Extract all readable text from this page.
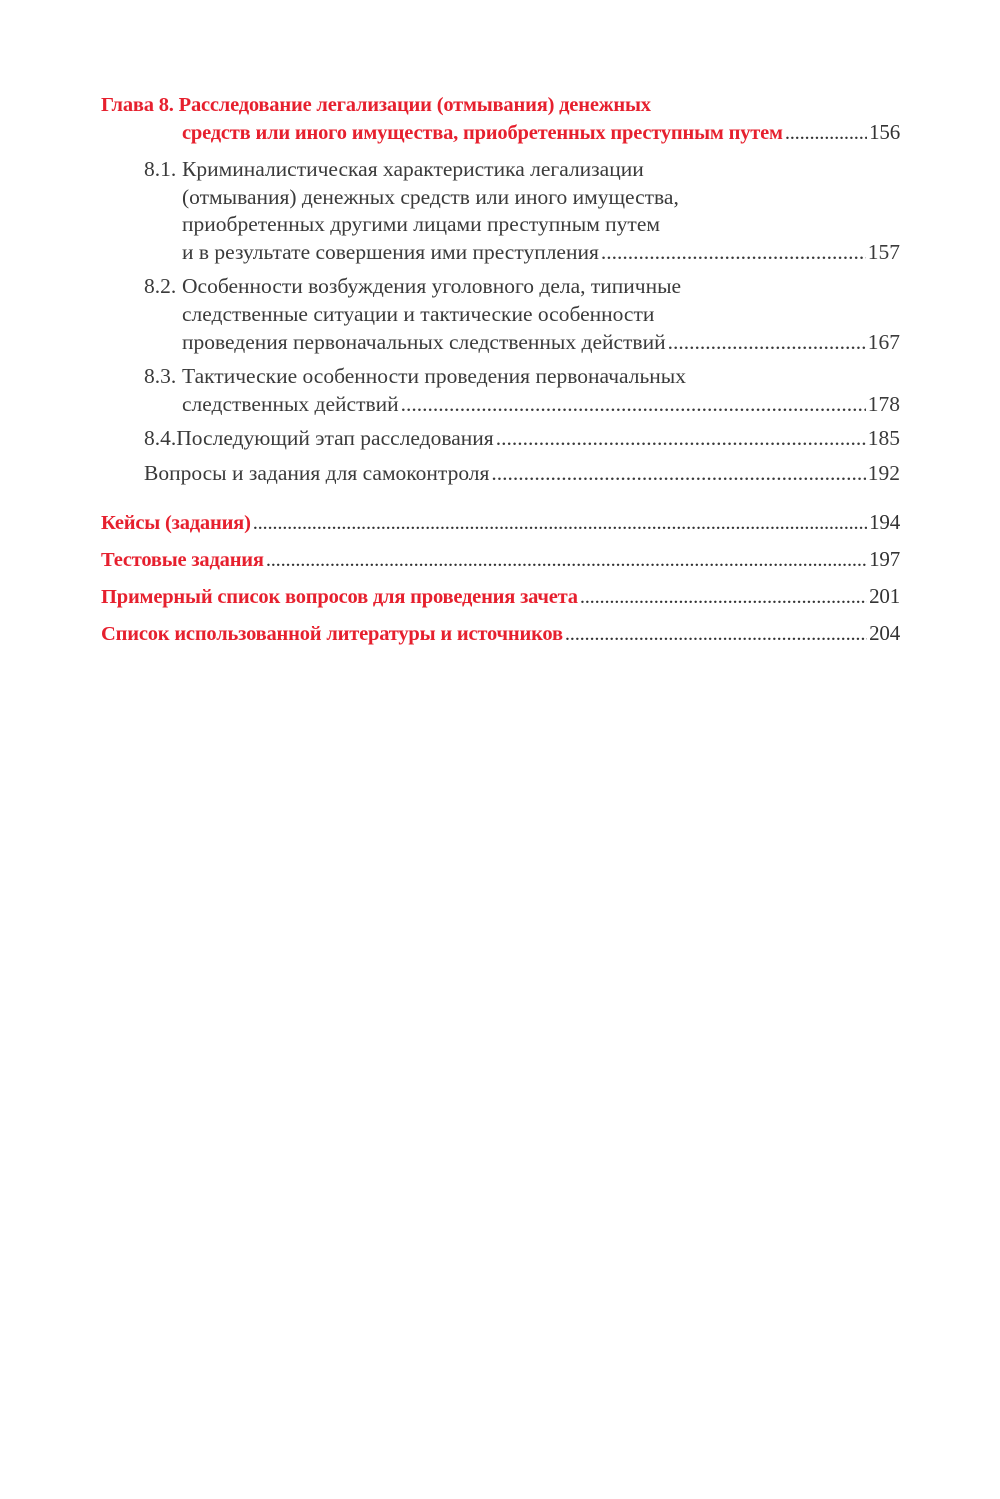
Глава 8. Расследование легализации (отмывания) денежных
средств или иного имущества, приобретенных преступным путем .....	156
8.1. Криминалистическая характеристика легализации
(отмывания) денежных средств или иного имущества,
приобретенных другими лицами преступным путем
и в результате совершения ими преступления .....	157
8.2. Особенности возбуждения уголовного дела, типичные
следственные ситуации и тактические особенности
проведения первоначальных следственных действий .....	167
8.3. Тактические особенности проведения первоначальных
следственных действий .....	178
8.4. Последующий этап расследования .....	185
Вопросы и задания для самоконтроля .....	192
Кейсы (задания) .....	194
Тестовые задания .....	197
Примерный список вопросов для проведения зачета .....	201
Список использованной литературы и источников .....	204
